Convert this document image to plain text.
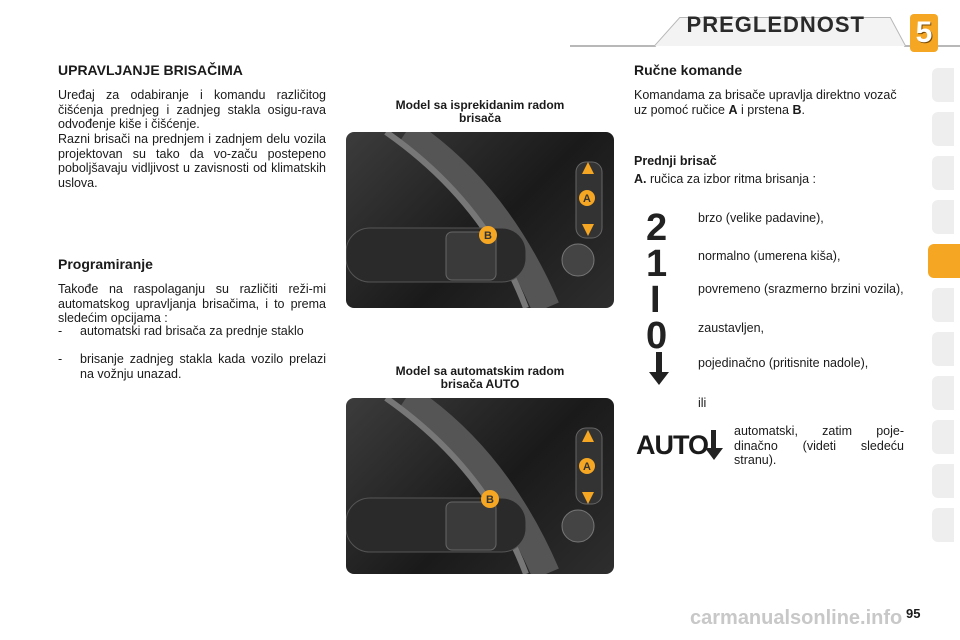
PREGLEDNOST 5
UPRAVLJANJE BRISAČIMA
Uređaj za odabiranje i komandu različitog čišćenja prednjeg i zadnjeg stakla osigu-rava odvođenje kiše i čišćenje.
Razni brisači na prednjem i zadnjem delu vozila projektovan su tako da vo-začu postepeno poboljšavaju vidljivost u zavisnosti od klimatskih uslova.
Programiranje
Takođe na raspolaganju su različiti reži-mi automatskog upravljanja brisačima, i to prema sledećim opcijama :
- automatski rad brisača za prednje staklo
- brisanje zadnjeg stakla kada vozilo prelazi na vožnju unazad.
Model sa isprekidanim radom brisača
B
A
Model sa automatskim radom brisača AUTO
B
A
Ručne komande
Komandama za brisače upravlja direktno vozač uz pomoć ručice A i prstena B.
Prednji brisač
A. ručica za izbor ritma brisanja :
2 brzo (velike padavine),
1 normalno (umerena kiša),
I	povremeno (srazmerno brzini vozila),
0 zaustavljen,
pojedinačno (pritisnite nadole),
ili
AUTO automatski, zatim poje-dinačno (videti sledeću stranu).
carmanualsonline.info 95
